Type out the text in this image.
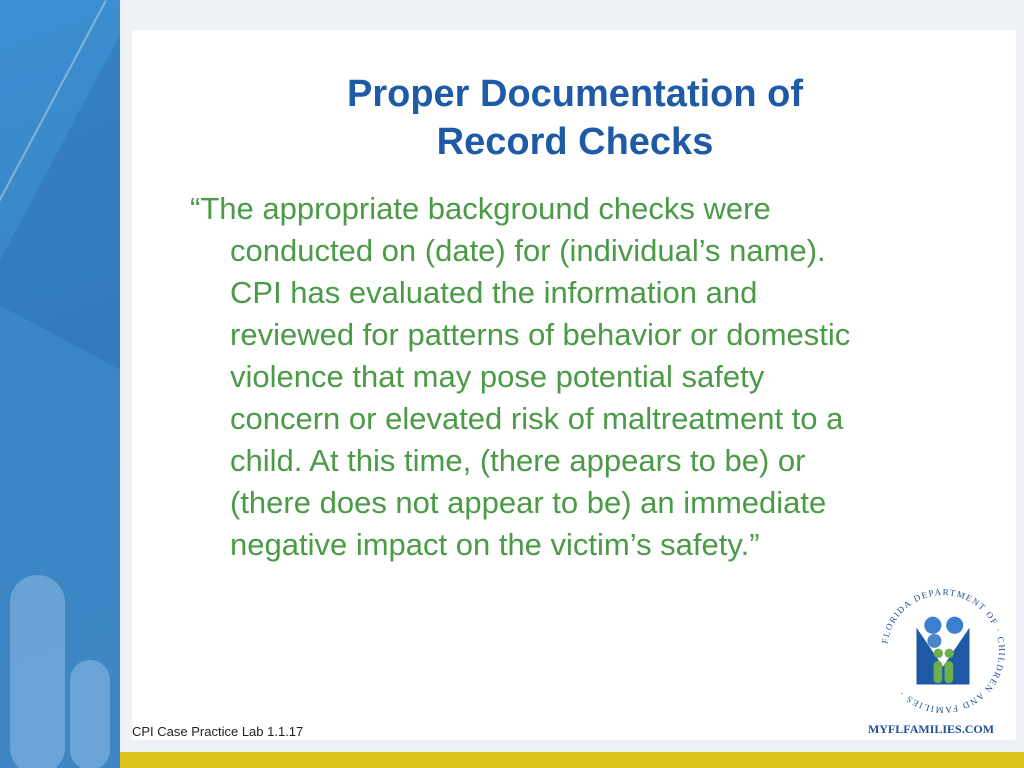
Proper Documentation of
Record Checks
“The appropriate background checks were conducted on (date) for (individual’s name). CPI has evaluated the information and reviewed for patterns of behavior or domestic violence that may pose potential safety concern or elevated risk of maltreatment to a child. At this time, (there appears to be) or (there does not appear to be) an immediate negative impact on the victim’s safety.”
CPI Case Practice Lab 1.1.17
FLORIDA DEPARTMENT OF · CHILDREN AND FAMILIES ·
MYFLFAMILIES.COM
